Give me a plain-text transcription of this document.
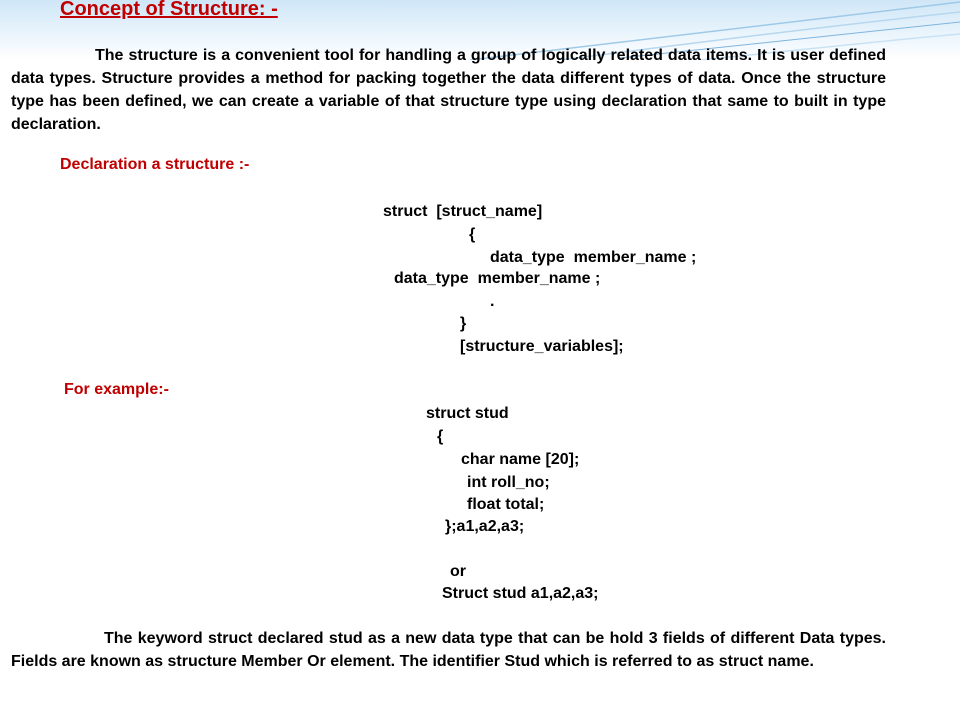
Concept of Structure: -

The structure is a convenient tool for handling a group of logically related data items. It is user defined data types. Structure provides a method for packing together the data different types of data. Once the structure type has been defined, we can create a variable of that structure type using declaration that same to built in type declaration.

Declaration a structure :-
struct  [struct_name]
{
data_type  member_name ;
data_type  member_name ;
.
}
[structure_variables];
For example:-
struct stud
{
char name [20];
int roll_no;
float total;
};a1,a2,a3;
or
Struct stud a1,a2,a3;

The keyword struct declared stud as a new data type that can be hold 3 fields of different Data types. Fields are known as structure Member Or element. The identifier Stud which is referred to as struct name.
